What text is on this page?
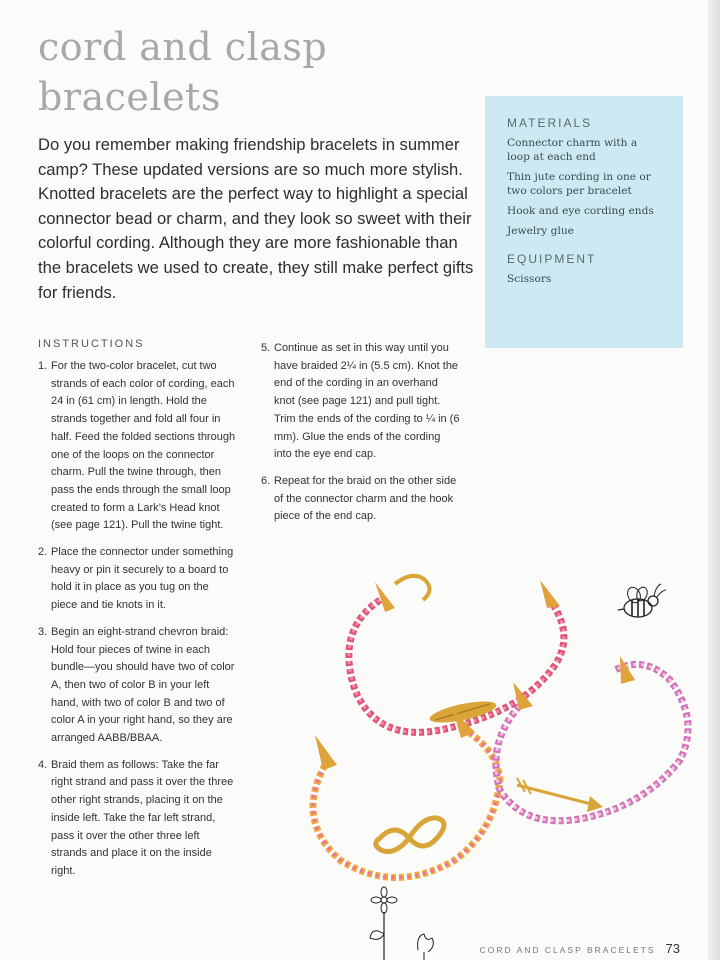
cord and clasp
bracelets

Do you remember making friendship bracelets in summer camp? These updated versions are so much more stylish. Knotted bracelets are the perfect way to highlight a special connector bead or charm, and they look so sweet with their colorful cording. Although they are more fashionable than the bracelets we used to create, they still make perfect gifts for friends.

MATERIALS
Connector charm with a loop at each end
Thin jute cording in one or two colors per bracelet
Hook and eye cording ends
Jewelry glue
EQUIPMENT
Scissors
INSTRUCTIONS
1. For the two-color bracelet, cut two strands of each color of cording, each 24 in (61 cm) in length. Hold the strands together and fold all four in half. Feed the folded sections through one of the loops on the connector charm. Pull the twine through, then pass the ends through the small loop created to form a Lark’s Head knot (see page 121). Pull the twine tight.
2. Place the connector under something heavy or pin it securely to a board to hold it in place as you tug on the piece and tie knots in it.
3. Begin an eight-strand chevron braid: Hold four pieces of twine in each bundle—you should have two of color A, then two of color B in your left hand, with two of color B and two of color A in your right hand, so they are arranged AABB/BBAA.
4. Braid them as follows: Take the far right strand and pass it over the three other right strands, placing it on the inside left. Take the far left strand, pass it over the other three left strands and place it on the inside right.
5. Continue as set in this way until you have braided 2¼ in (5.5 cm). Knot the end of the cording in an overhand knot (see page 121) and pull tight. Trim the ends of the cording to ¼ in (6 mm). Glue the ends of the cording into the eye end cap.
6. Repeat for the braid on the other side of the connector charm and the hook piece of the end cap.
CORD AND CLASP BRACELETS 73
